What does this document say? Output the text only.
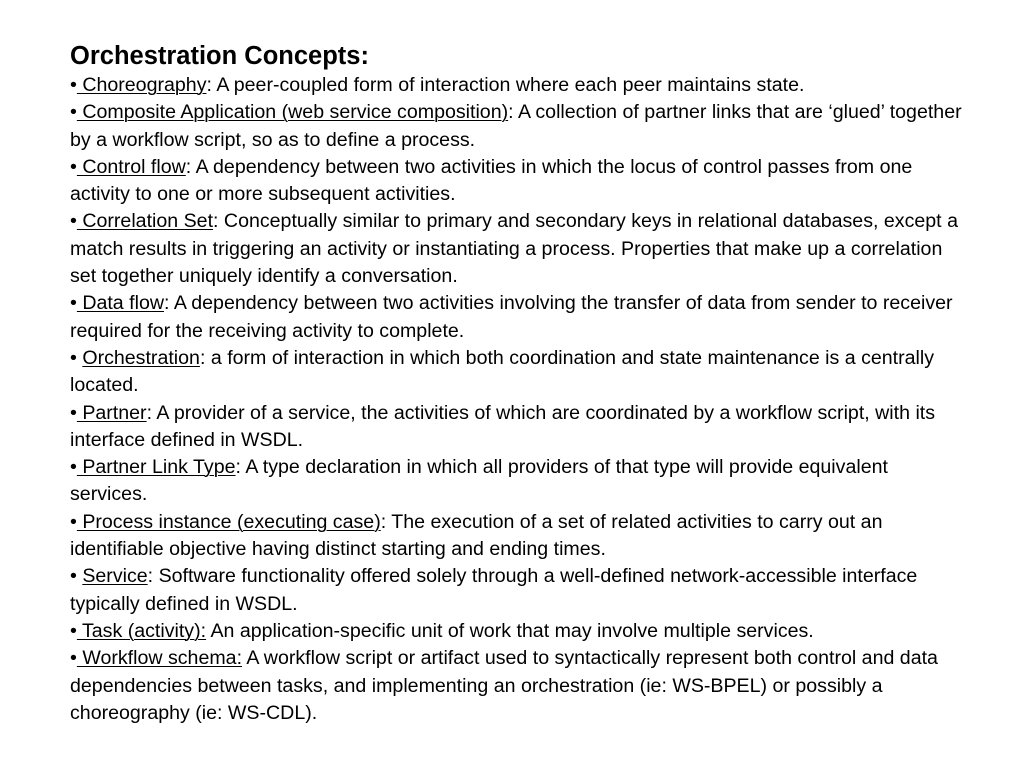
Orchestration Concepts:
• Choreography: A peer-coupled form of interaction where each peer maintains state.
• Composite Application (web service composition): A collection of partner links that are ‘glued’ together by a workflow script, so as to define a process.
• Control flow: A dependency between two activities in which the locus of control passes from one activity to one or more subsequent activities.
• Correlation Set: Conceptually similar to primary and secondary keys in relational databases, except a match results in triggering an activity or instantiating a process. Properties that make up a correlation set together uniquely identify a conversation.
• Data flow: A dependency between two activities involving the transfer of data from sender to receiver required for the receiving activity to complete.
• Orchestration: a form of interaction in which both coordination and state maintenance is a centrally located.
• Partner: A provider of a service, the activities of which are coordinated by a workflow script, with its interface defined in WSDL.
• Partner Link Type: A type declaration in which all providers of that type will provide equivalent services.
• Process instance (executing case): The execution of a set of related activities to carry out an identifiable objective having distinct starting and ending times.
• Service: Software functionality offered solely through a well-defined network-accessible interface typically defined in WSDL.
• Task (activity): An application-specific unit of work that may involve multiple services.
• Workflow schema: A workflow script or artifact used to syntactically represent both control and data dependencies between tasks, and implementing an orchestration (ie: WS-BPEL) or possibly a choreography (ie: WS-CDL).
